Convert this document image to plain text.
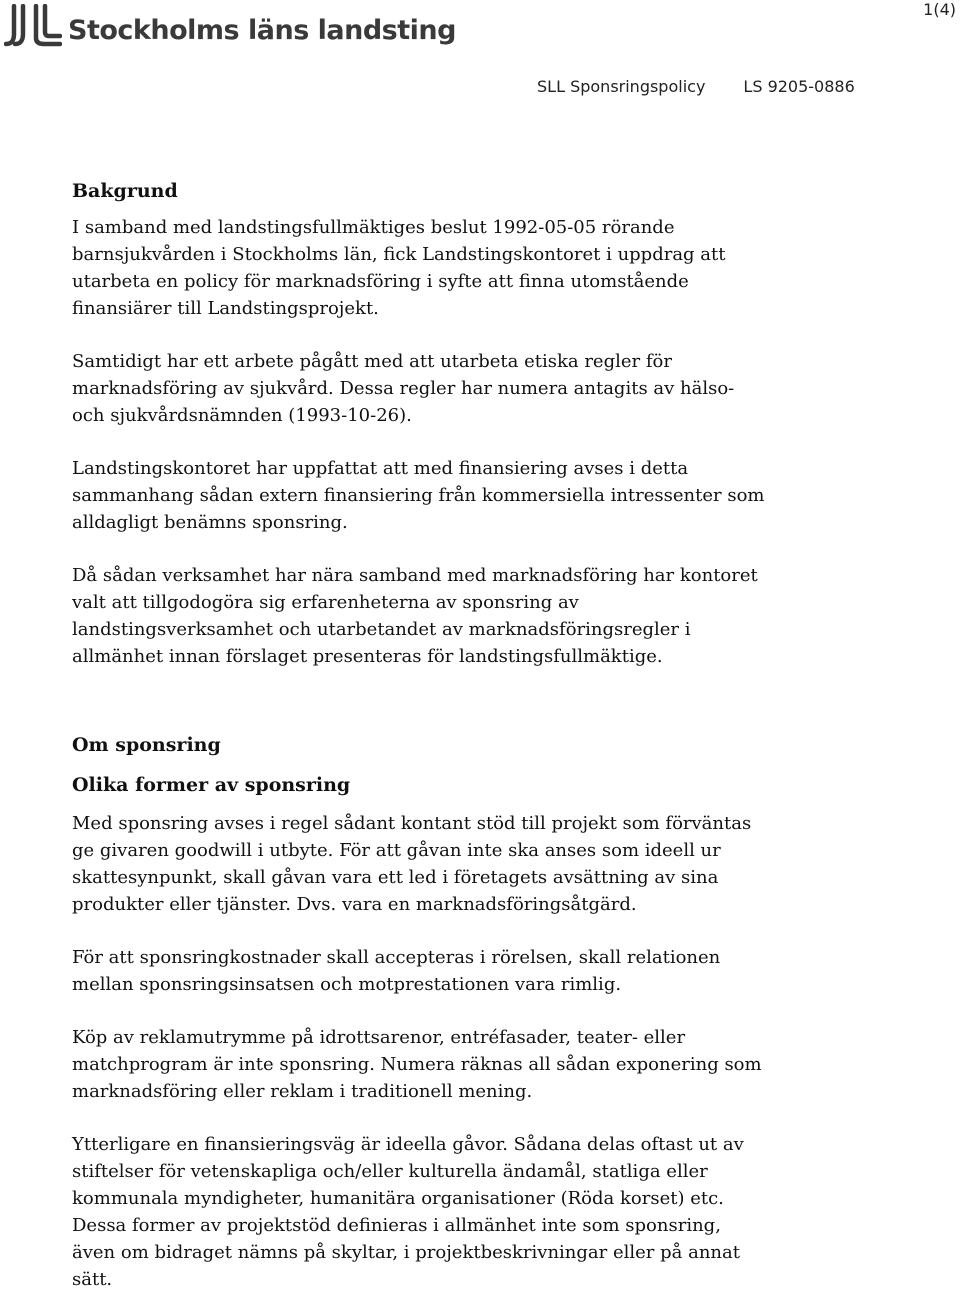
Stockholms läns landsting
1(4)
SLL Sponsringspolicy LS 9205-0886
Bakgrund

I samband med landstingsfullmäktiges beslut 1992-05-05 rörande
barnsjukvården i Stockholms län, fick Landstingskontoret i uppdrag att
utarbeta en policy för marknadsföring i syfte att finna utomstående
finansiärer till Landstingsprojekt.

Samtidigt har ett arbete pågått med att utarbeta etiska regler för
marknadsföring av sjukvård. Dessa regler har numera antagits av hälso-
och sjukvårdsnämnden (1993-10-26).

Landstingskontoret har uppfattat att med finansiering avses i detta
sammanhang sådan extern finansiering från kommersiella intressenter som
alldagligt benämns sponsring.

Då sådan verksamhet har nära samband med marknadsföring har kontoret
valt att tillgodogöra sig erfarenheterna av sponsring av
landstingsverksamhet och utarbetandet av marknadsföringsregler i
allmänhet innan förslaget presenteras för landstingsfullmäktige.

Om sponsring
Olika former av sponsring

Med sponsring avses i regel sådant kontant stöd till projekt som förväntas
ge givaren goodwill i utbyte. För att gåvan inte ska anses som ideell ur
skattesynpunkt, skall gåvan vara ett led i företagets avsättning av sina
produkter eller tjänster. Dvs. vara en marknadsföringsåtgärd.

För att sponsringkostnader skall accepteras i rörelsen, skall relationen
mellan sponsringsinsatsen och motprestationen vara rimlig.

Köp av reklamutrymme på idrottsarenor, entréfasader, teater- eller
matchprogram är inte sponsring. Numera räknas all sådan exponering som
marknadsföring eller reklam i traditionell mening.

Ytterligare en finansieringsväg är ideella gåvor. Sådana delas oftast ut av
stiftelser för vetenskapliga och/eller kulturella ändamål, statliga eller
kommunala myndigheter, humanitära organisationer (Röda korset) etc.
Dessa former av projektstöd definieras i allmänhet inte som sponsring,
även om bidraget nämns på skyltar, i projektbeskrivningar eller på annat
sätt.
